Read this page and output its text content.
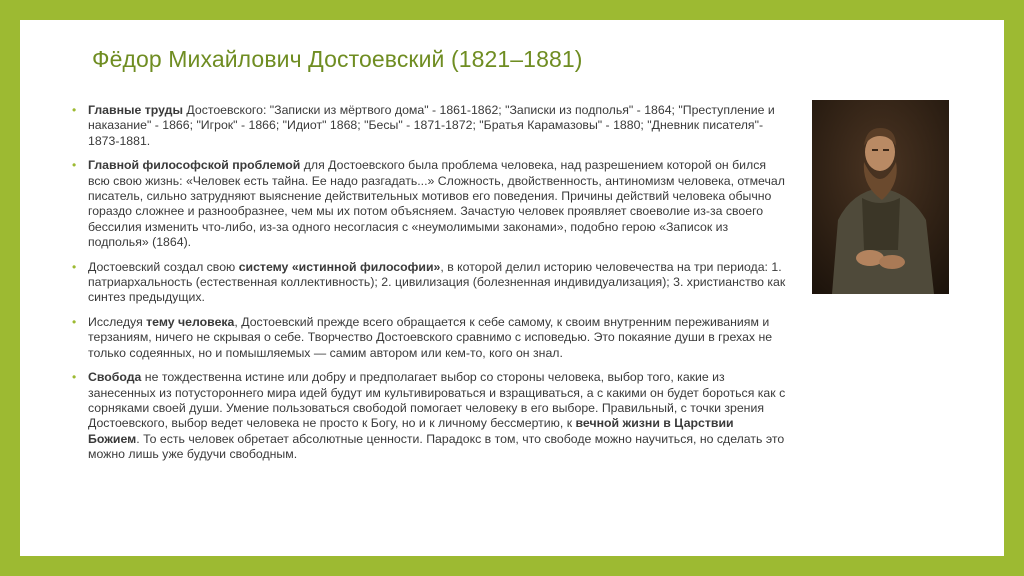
Фёдор Михайлович Достоевский (1821–1881)
• Главные труды Достоевского: "Записки из мёртвого дома" - 1861-1862; "Записки из подполья" - 1864; "Преступление и наказание" - 1866; "Игрок" - 1866; "Идиот" 1868; "Бесы" - 1871-1872; "Братья Карамазовы" - 1880; "Дневник писателя"- 1873-1881.
• Главной философской проблемой для Достоевского была проблема человека, над разрешением которой он бился всю свою жизнь: «Человек есть тайна. Ее надо разгадать...» Сложность, двойственность, антиномизм человека, отмечал писатель, сильно затрудняют выяснение действительных мотивов его поведения. Причины действий человека обычно гораздо сложнее и разнообразнее, чем мы их потом объясняем. Зачастую человек проявляет своеволие из-за своего бессилия изменить что-либо, из-за одного несогласия с «неумолимыми законами», подобно герою «Записок из подполья» (1864).
• Достоевский создал свою систему «истинной философии», в которой делил историю человечества на три периода: 1. патриархальность (естественная коллективность); 2. цивилизация (болезненная индивидуализация); 3. христианство как синтез предыдущих.
• Исследуя тему человека, Достоевский прежде всего обращается к себе самому, к своим внутренним переживаниям и терзаниям, ничего не скрывая о себе. Творчество Достоевского сравнимо с исповедью. Это покаяние души в грехах не только содеянных, но и помышляемых — самим автором или кем-то, кого он знал.
• Свобода не тождественна истине или добру и предполагает выбор со стороны человека, выбор того, какие из занесенных из потустороннего мира идей будут им культивироваться и взращиваться, а с какими он будет бороться как с сорняками своей души. Умение пользоваться свободой помогает человеку в его выборе. Правильный, с точки зрения Достоевского, выбор ведет человека не просто к Богу, но и к личному бессмертию, к вечной жизни в Царствии Божием. То есть человек обретает абсолютные ценности. Парадокс в том, что свободе можно научиться, но сделать это можно лишь уже будучи свободным.
